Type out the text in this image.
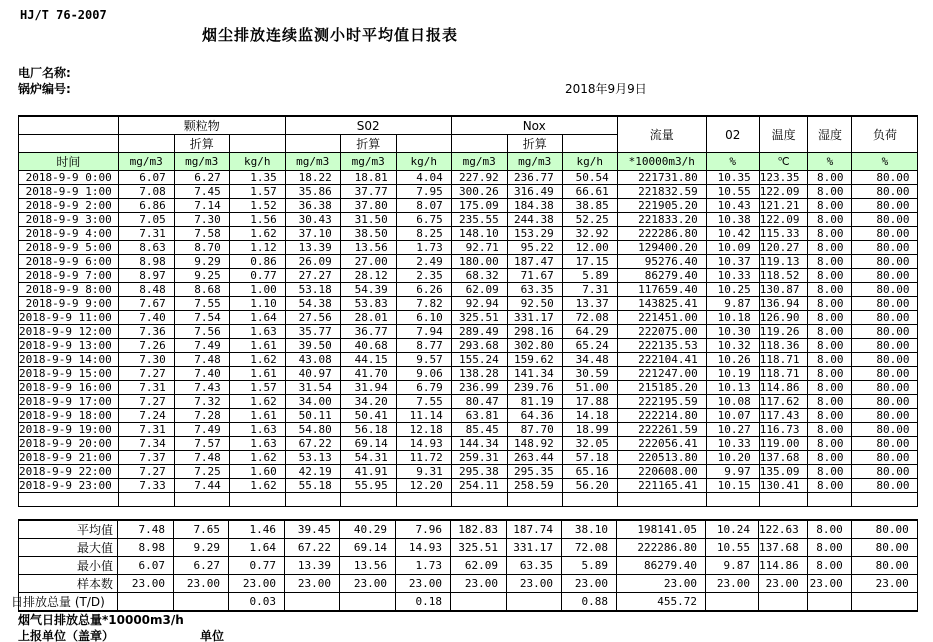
HJ/T 76-2007
烟尘排放连续监测小时平均值日报表
电厂名称:
锅炉编号:	2018年9月9日
	颗粒物			S02			Nox			流量	02	温度	湿度	负荷
		折算			折算			折算						
时间	mg/m3	mg/m3	kg/h	mg/m3	mg/m3	kg/h	mg/m3	mg/m3	kg/h	*10000m3/h	%	℃	%	%
2018-9-9 0:00	6.07	6.27	1.35	18.22	18.81	4.04	227.92	236.77	50.54	221731.80	10.35	123.35	8.00	80.00
2018-9-9 1:00	7.08	7.45	1.57	35.86	37.77	7.95	300.26	316.49	66.61	221832.59	10.55	122.09	8.00	80.00
2018-9-9 2:00	6.86	7.14	1.52	36.38	37.80	8.07	175.09	184.38	38.85	221905.20	10.43	121.21	8.00	80.00
2018-9-9 3:00	7.05	7.30	1.56	30.43	31.50	6.75	235.55	244.38	52.25	221833.20	10.38	122.09	8.00	80.00
2018-9-9 4:00	7.31	7.58	1.62	37.10	38.50	8.25	148.10	153.29	32.92	222286.80	10.42	115.33	8.00	80.00
2018-9-9 5:00	8.63	8.70	1.12	13.39	13.56	1.73	92.71	95.22	12.00	129400.20	10.09	120.27	8.00	80.00
2018-9-9 6:00	8.98	9.29	0.86	26.09	27.00	2.49	180.00	187.47	17.15	95276.40	10.37	119.13	8.00	80.00
2018-9-9 7:00	8.97	9.25	0.77	27.27	28.12	2.35	68.32	71.67	5.89	86279.40	10.33	118.52	8.00	80.00
2018-9-9 8:00	8.48	8.68	1.00	53.18	54.39	6.26	62.09	63.35	7.31	117659.40	10.25	130.87	8.00	80.00
2018-9-9 9:00	7.67	7.55	1.10	54.38	53.83	7.82	92.94	92.50	13.37	143825.41	9.87	136.94	8.00	80.00
2018-9-9 11:00	7.40	7.54	1.64	27.56	28.01	6.10	325.51	331.17	72.08	221451.00	10.18	126.90	8.00	80.00
2018-9-9 12:00	7.36	7.56	1.63	35.77	36.77	7.94	289.49	298.16	64.29	222075.00	10.30	119.26	8.00	80.00
2018-9-9 13:00	7.26	7.49	1.61	39.50	40.68	8.77	293.68	302.80	65.24	222135.53	10.32	118.36	8.00	80.00
2018-9-9 14:00	7.30	7.48	1.62	43.08	44.15	9.57	155.24	159.62	34.48	222104.41	10.26	118.71	8.00	80.00
2018-9-9 15:00	7.27	7.40	1.61	40.97	41.70	9.06	138.28	141.34	30.59	221247.00	10.19	118.71	8.00	80.00
2018-9-9 16:00	7.31	7.43	1.57	31.54	31.94	6.79	236.99	239.76	51.00	215185.20	10.13	114.86	8.00	80.00
2018-9-9 17:00	7.27	7.32	1.62	34.00	34.20	7.55	80.47	81.19	17.88	222195.59	10.08	117.62	8.00	80.00
2018-9-9 18:00	7.24	7.28	1.61	50.11	50.41	11.14	63.81	64.36	14.18	222214.80	10.07	117.43	8.00	80.00
2018-9-9 19:00	7.31	7.49	1.63	54.80	56.18	12.18	85.45	87.70	18.99	222261.59	10.27	116.73	8.00	80.00
2018-9-9 20:00	7.34	7.57	1.63	67.22	69.14	14.93	144.34	148.92	32.05	222056.41	10.33	119.00	8.00	80.00
2018-9-9 21:00	7.37	7.48	1.62	53.13	54.31	11.72	259.31	263.44	57.18	220513.80	10.20	137.68	8.00	80.00
2018-9-9 22:00	7.27	7.25	1.60	42.19	41.91	9.31	295.38	295.35	65.16	220608.00	9.97	135.09	8.00	80.00
2018-9-9 23:00	7.33	7.44	1.62	55.18	55.95	12.20	254.11	258.59	56.20	221165.41	10.15	130.41	8.00	80.00

平均值	7.48	7.65	1.46	39.45	40.29	7.96	182.83	187.74	38.10	198141.05	10.24	122.63	8.00	80.00
最大值	8.98	9.29	1.64	67.22	69.14	14.93	325.51	331.17	72.08	222286.80	10.55	137.68	8.00	80.00
最小值	6.07	6.27	0.77	13.39	13.56	1.73	62.09	63.35	5.89	86279.40	9.87	114.86	8.00	80.00
样本数	23.00	23.00	23.00	23.00	23.00	23.00	23.00	23.00	23.00	23.00	23.00	23.00	23.00	23.00
日排放总量 (T/D)			0.03			0.18			0.88	455.72				
烟气日排放总量*10000m3/h
上报单位（盖章）	单位
